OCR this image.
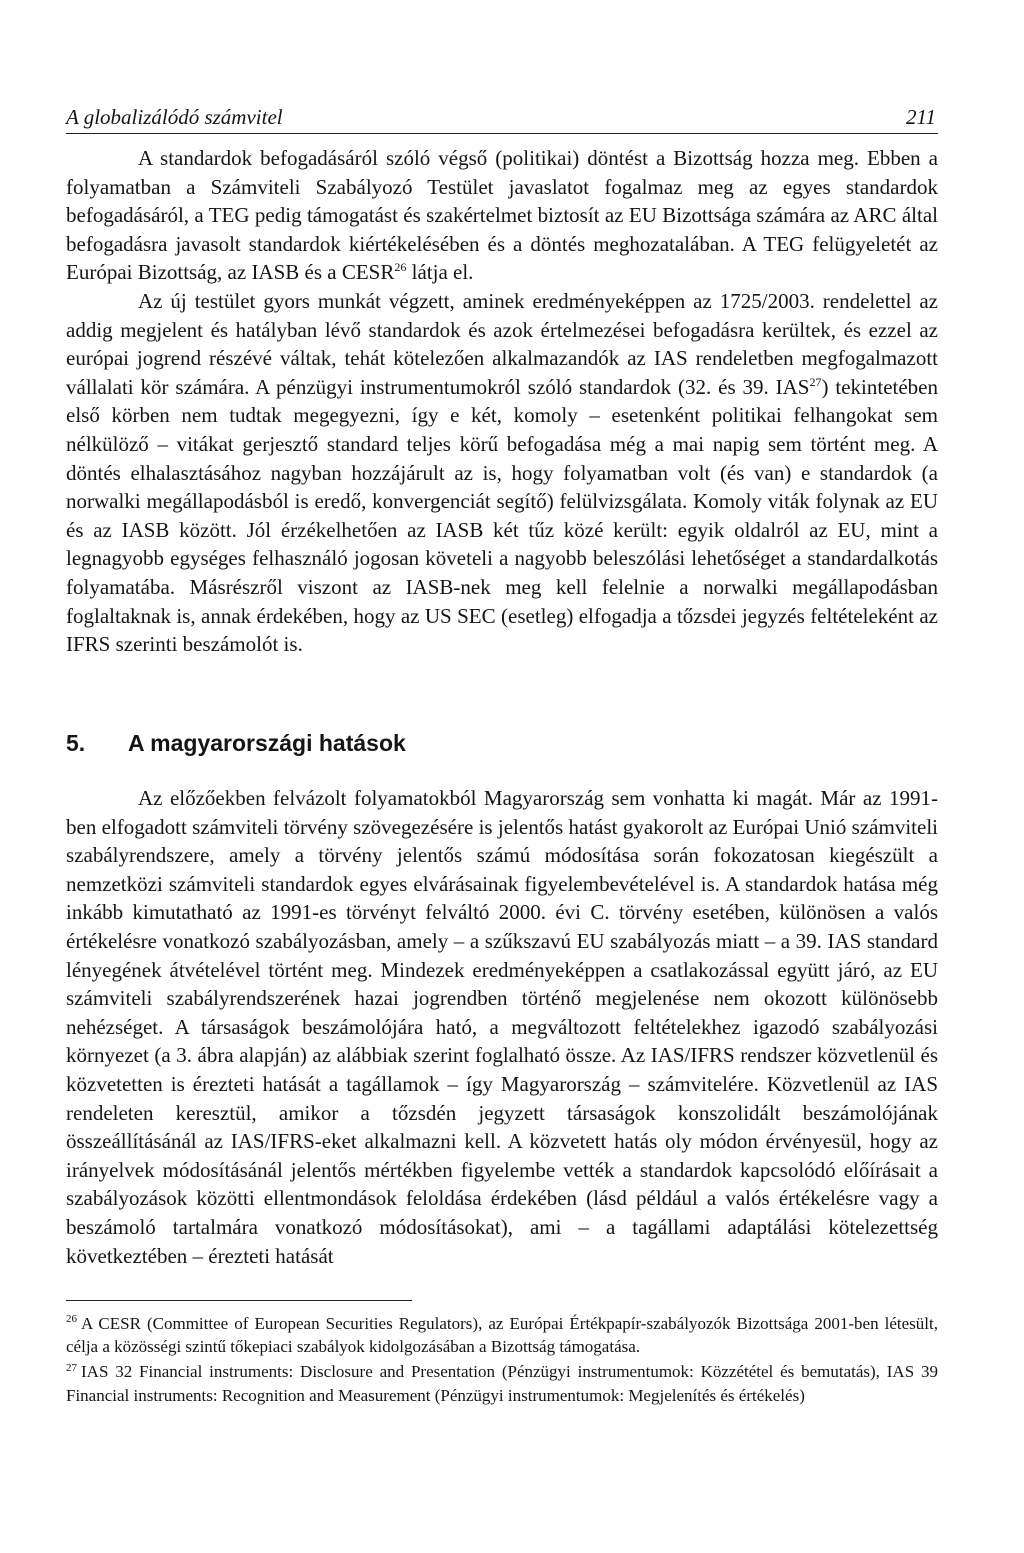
A globalizálódó számvitel	211

A standardok befogadásáról szóló végső (politikai) döntést a Bizottság hozza meg. Ebben a folyamatban a Számviteli Szabályozó Testület javaslatot fogalmaz meg az egyes standardok befogadásáról, a TEG pedig támogatást és szakértelmet biztosít az EU Bizottsága számára az ARC által befogadásra javasolt standardok kiértékelésében és a döntés meghozatalában. A TEG felügyeletét az Európai Bizottság, az IASB és a CESR$^{26}$ látja el.

Az új testület gyors munkát végzett, aminek eredményeképpen az 1725/2003. rendelettel az addig megjelent és hatályban lévő standardok és azok értelmezései befogadásra kerültek, és ezzel az európai jogrend részévé váltak, tehát kötelezően alkalmazandók az IAS rendeletben megfogalmazott vállalati kör számára. A pénzügyi instrumentumokról szóló standardok (32. és 39. IAS$^{27}$) tekintetében első körben nem tudtak megegyezni, így e két, komoly – esetenként politikai felhangokat sem nélkülöző – vitákat gerjesztő standard teljes körű befogadása még a mai napig sem történt meg. A döntés elhalasztásához nagyban hozzájárult az is, hogy folyamatban volt (és van) e standardok (a norwalki megállapodásból is eredő, konvergenciát segítő) felülvizsgálata. Komoly viták folynak az EU és az IASB között. Jól érzékelhetően az IASB két tűz közé került: egyik oldalról az EU, mint a legnagyobb egységes felhasználó jogosan követeli a nagyobb beleszólási lehetőséget a standardalkotás folyamatába. Másrészről viszont az IASB-nek meg kell felelnie a norwalki megállapodásban foglaltaknak is, annak érdekében, hogy az US SEC (esetleg) elfogadja a tőzsdei jegyzés feltételeként az IFRS szerinti beszámolót is.

5. A magyarországi hatások

Az előzőekben felvázolt folyamatokból Magyarország sem vonhatta ki magát. Már az 1991-ben elfogadott számviteli törvény szövegezésére is jelentős hatást gyakorolt az Európai Unió számviteli szabályrendszere, amely a törvény jelentős számú módosítása során fokozatosan kiegészült a nemzetközi számviteli standardok egyes elvárásainak figyelembevételével is. A standardok hatása még inkább kimutatható az 1991-es törvényt felváltó 2000. évi C. törvény esetében, különösen a valós értékelésre vonatkozó szabályozásban, amely – a szűkszavú EU szabályozás miatt – a 39. IAS standard lényegének átvételével történt meg. Mindezek eredményeképpen a csatlakozással együtt járó, az EU számviteli szabályrendszerének hazai jogrendben történő megjelenése nem okozott különösebb nehézséget. A társaságok beszámolójára ható, a megváltozott feltételekhez igazodó szabályozási környezet (a 3. ábra alapján) az alábbiak szerint foglalható össze. Az IAS/IFRS rendszer közvetlenül és közvetetten is érezteti hatását a tagállamok – így Magyarország – számvitelére. Közvetlenül az IAS rendeleten keresztül, amikor a tőzsdén jegyzett társaságok konszolidált beszámolójának összeállításánál az IAS/IFRS-eket alkalmazni kell. A közvetett hatás oly módon érvényesül, hogy az irányelvek módosításánál jelentős mértékben figyelembe vették a standardok kapcsolódó előírásait a szabályozások közötti ellentmondások feloldása érdekében (lásd például a valós értékelésre vagy a beszámoló tartalmára vonatkozó módosításokat), ami – a tagállami adaptálási kötelezettség következtében – érezteti hatását

$^{26}$ A CESR (Committee of European Securities Regulators), az Európai Értékpapír-szabályozók Bizottsága 2001-ben létesült, célja a közösségi szintű tőkepiaci szabályok kidolgozásában a Bizottság támogatása.

$^{27}$ IAS 32 Financial instruments: Disclosure and Presentation (Pénzügyi instrumentumok: Közzététel és bemutatás), IAS 39 Financial instruments: Recognition and Measurement (Pénzügyi instrumentumok: Megjelenítés és értékelés)
